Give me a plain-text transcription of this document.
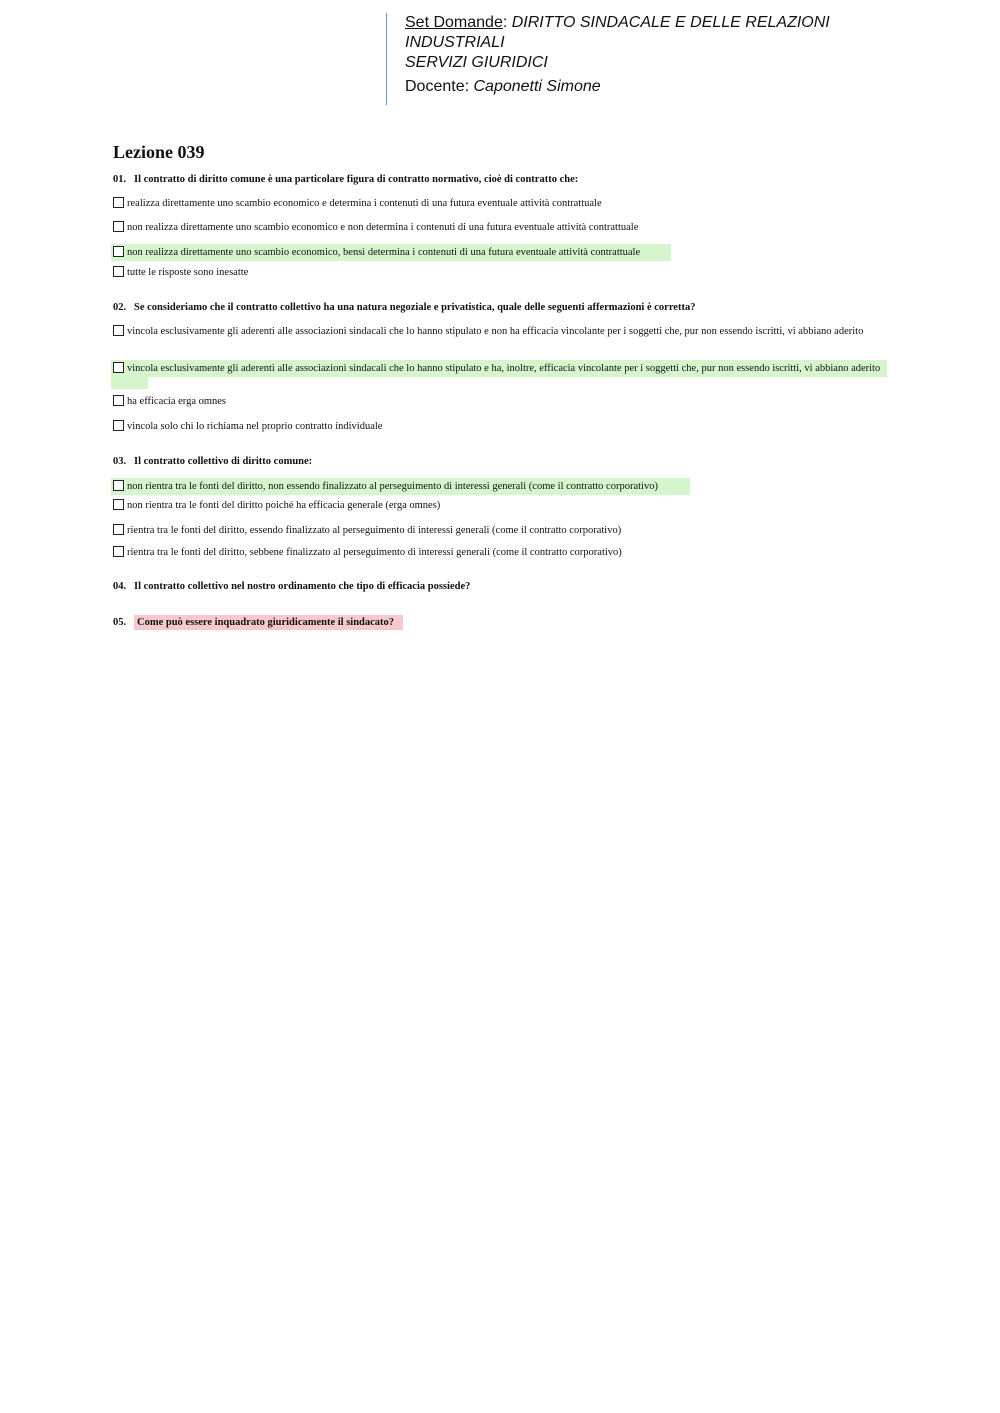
Set Domande: DIRITTO SINDACALE E DELLE RELAZIONI
INDUSTRIALI
SERVIZI GIURIDICI
Docente: Caponetti Simone
Lezione 039
01. Il contratto di diritto comune è una particolare figura di contratto normativo, cioè di contratto che:
realizza direttamente uno scambio economico e determina i contenuti di una futura eventuale attività contrattuale
non realizza direttamente uno scambio economico e non determina i contenuti di una futura eventuale attività contrattuale
non realizza direttamente uno scambio economico, bensì determina i contenuti di una futura eventuale attività contrattuale
tutte le risposte sono inesatte
02. Se consideriamo che il contratto collettivo ha una natura negoziale e privatistica, quale delle seguenti affermazioni è corretta?
vincola esclusivamente gli aderenti alle associazioni sindacali che lo hanno stipulato e non ha efficacia vincolante per i soggetti che, pur non essendo iscritti, vi abbiano aderito
vincola esclusivamente gli aderenti alle associazioni sindacali che lo hanno stipulato e ha, inoltre, efficacia vincolante per i soggetti che, pur non essendo iscritti, vi abbiano aderito
ha efficacia erga omnes
vincola solo chi lo richiama nel proprio contratto individuale
03. Il contratto collettivo di diritto comune:
non rientra tra le fonti del diritto, non essendo finalizzato al perseguimento di interessi generali (come il contratto corporativo)
non rientra tra le fonti del diritto poiché ha efficacia generale (erga omnes)
rientra tra le fonti del diritto, essendo finalizzato al perseguimento di interessi generali (come il contratto corporativo)
rientra tra le fonti del diritto, sebbene finalizzato al perseguimento di interessi generali (come il contratto corporativo)
04. Il contratto collettivo nel nostro ordinamento che tipo di efficacia possiede?
05. Come può essere inquadrato giuridicamente il sindacato?
